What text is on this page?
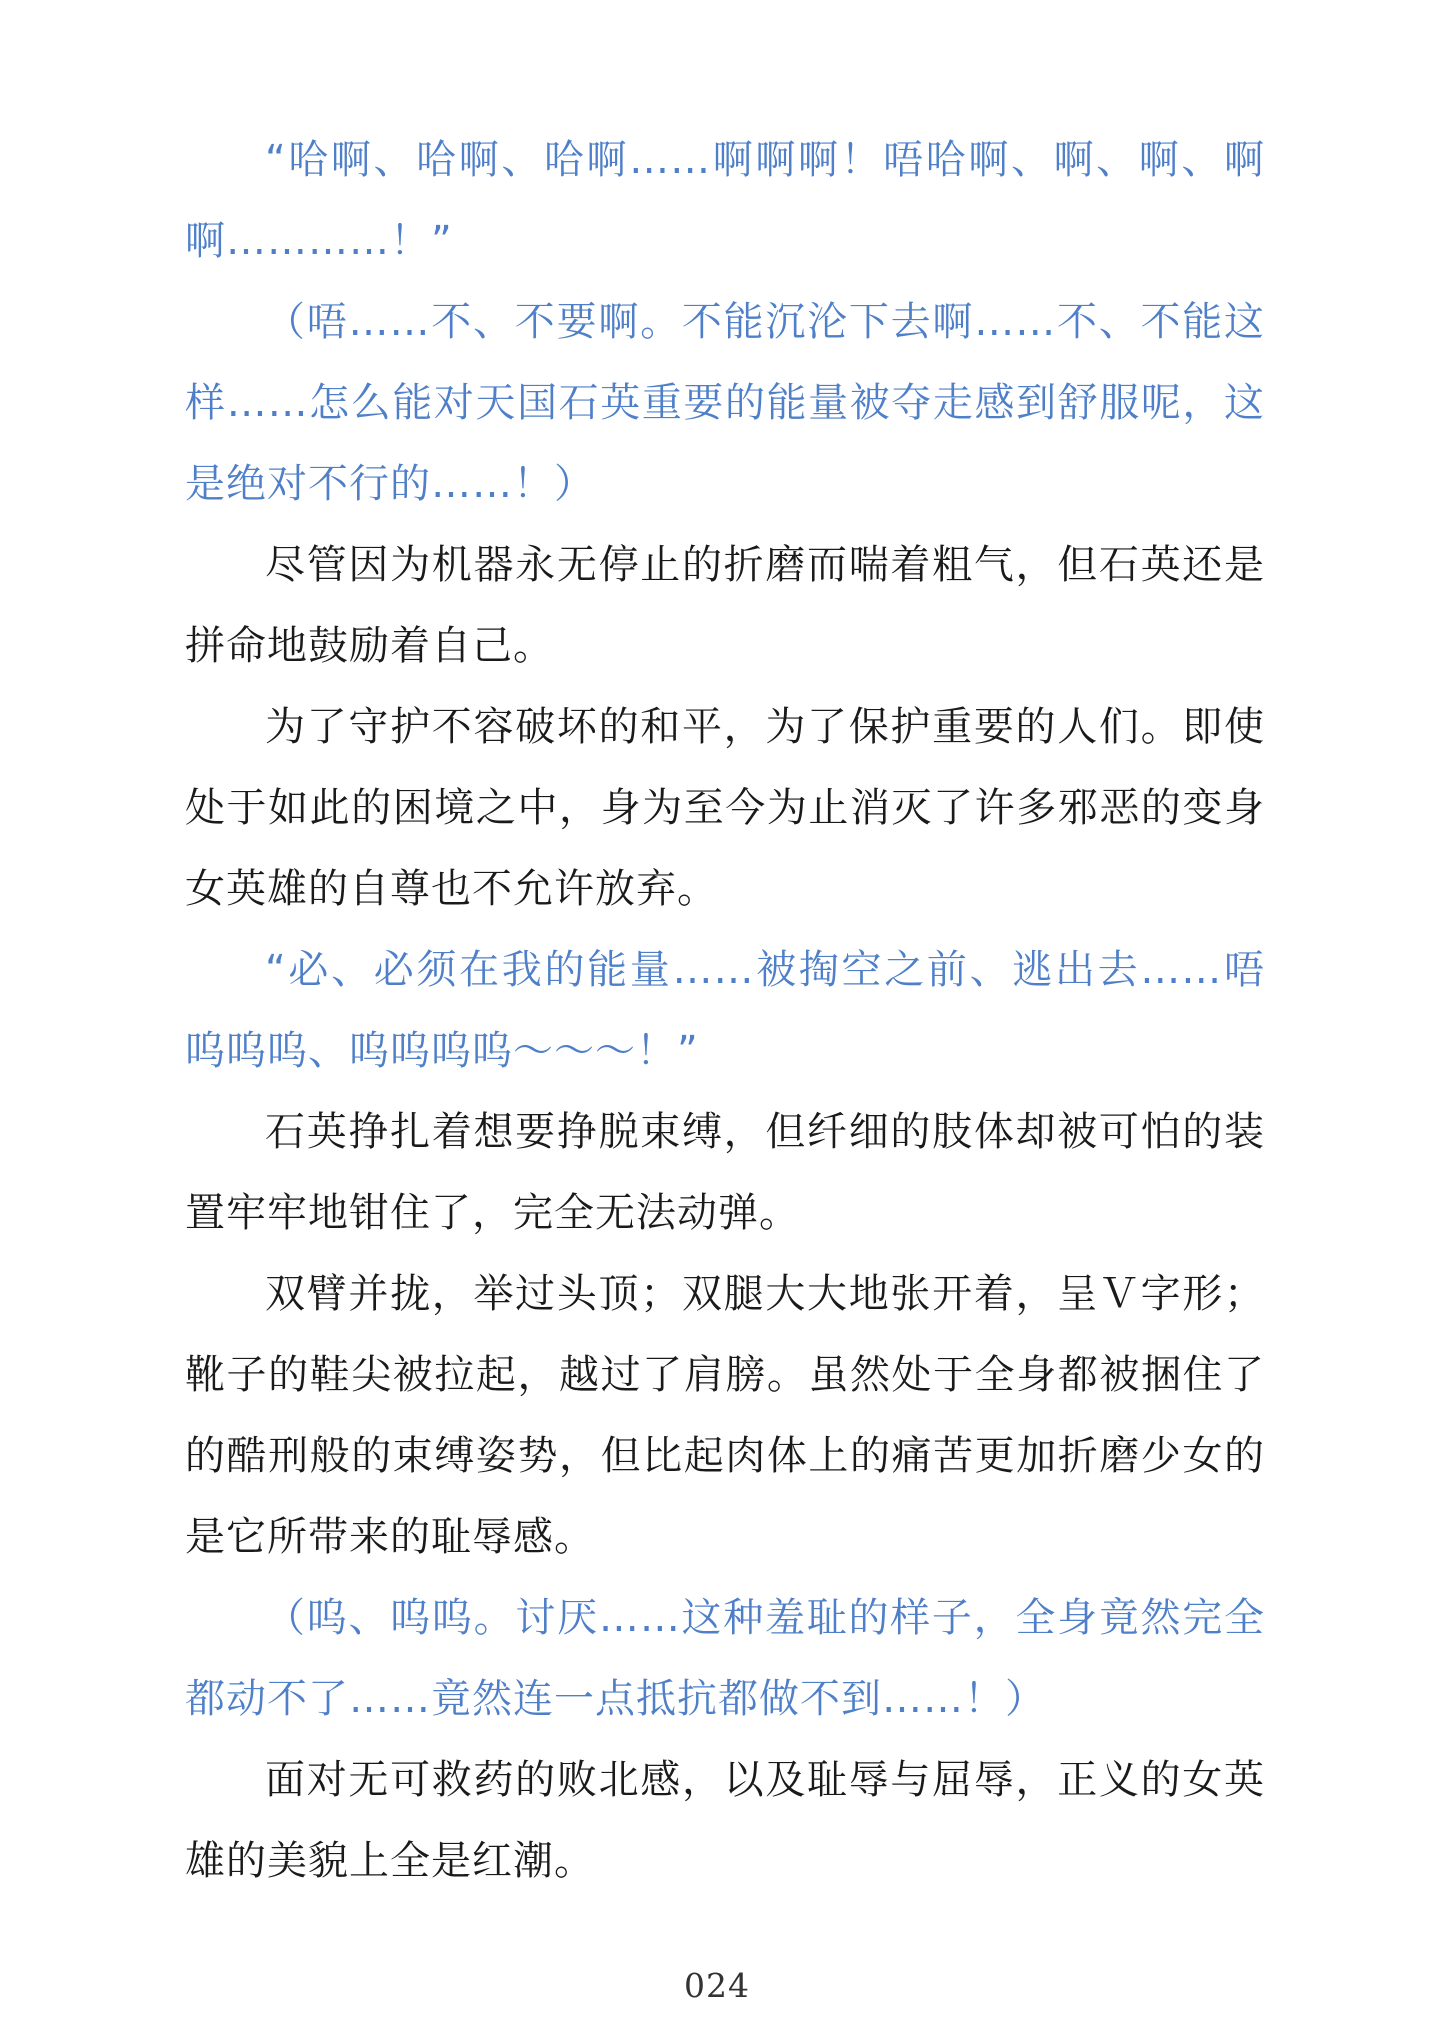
“哈啊、哈啊、哈啊……啊啊啊！唔哈啊、啊、啊、啊啊…………！”

（唔……不、不要啊。不能沉沦下去啊……不、不能这样……怎么能对天国石英重要的能量被夺走感到舒服呢，这是绝对不行的……！）

尽管因为机器永无停止的折磨而喘着粗气，但石英还是拼命地鼓励着自己。

为了守护不容破坏的和平，为了保护重要的人们。即使处于如此的困境之中，身为至今为止消灭了许多邪恶的变身女英雄的自尊也不允许放弃。

“必、必须在我的能量……被掏空之前、逃出去……唔呜呜呜、呜呜呜呜～～～！”

石英挣扎着想要挣脱束缚，但纤细的肢体却被可怕的装置牢牢地钳住了，完全无法动弹。

双臂并拢，举过头顶；双腿大大地张开着，呈Ｖ字形；靴子的鞋尖被拉起，越过了肩膀。虽然处于全身都被捆住了的酷刑般的束缚姿势，但比起肉体上的痛苦更加折磨少女的是它所带来的耻辱感。

（呜、呜呜。讨厌……这种羞耻的样子，全身竟然完全都动不了……竟然连一点抵抗都做不到……！）

面对无可救药的败北感，以及耻辱与屈辱，正义的女英雄的美貌上全是红潮。

024
